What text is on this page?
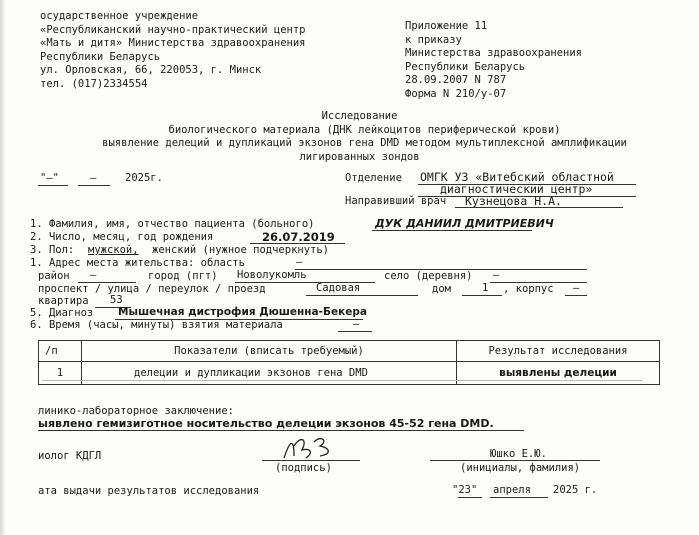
осударственное учреждение
«Республиканский научно-практический центр
«Мать и дитя» Министерства здравоохранения
Республики Беларусь
ул. Орловская, 66, 220053, г. Минск
тел. (017)2334554
Приложение 11
к приказу
Министерства здравоохранения
Республики Беларусь
28.09.2007 N 787
Форма N 210/у-07
Исследование
биологического материала (ДНК лейкоцитов периферической крови)
выявление делеций и дупликаций экзонов гена DMD методом мультиплексной амплификации
лигированных зондов
"–"	–	2025г.	Отделение ОМГК УЗ «Витебский областной
диагностический центр»
Направивший врач Кузнецова Н.А.
1. Фамилия, имя, отчество пациента (больного)	ДУК ДАНИИЛ ДМИТРИЕВИЧ
2. Число, месяц, год рождения	26.07.2019
3. Пол: мужской, женский (нужное подчеркнуть)
1. Адрес места жительства: область	–
район –	город (пгт) Новолукомль	село (деревня) –
проспект / улица / переулок / проезд	Садовая	дом	1 , корпус –
квартира 53
5. Диагноз Мышечная дистрофия Дюшенна-Бекера
6. Время (часы, минуты) взятия материала	–
/п	Показатели (вписать требуемый)	Результат исследования
1	делеции и дупликации экзонов гена DMD	выявлены делеции
линико-лабораторное заключение:
ыявлено гемизиготное носительство делеции экзонов 45-52 гена DMD.
иолог КДГЛ
(подпись)
Юшко Е.Ю.
(инициалы, фамилия)
ата выдачи результатов исследования	"23" апреля 2025 г.
